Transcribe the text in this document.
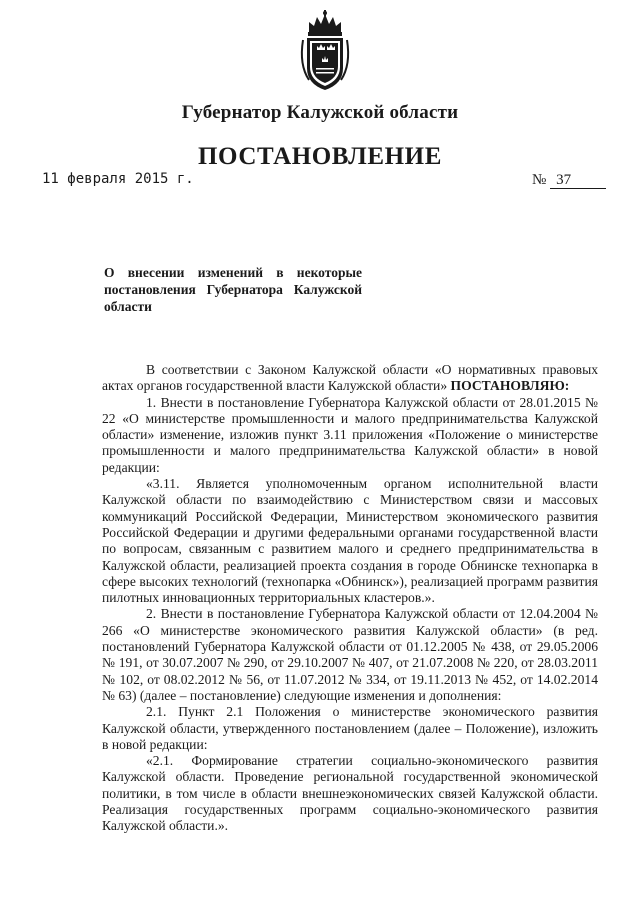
Губернатор Калужской области
ПОСТАНОВЛЕНИЕ
11 февраля 2015 г.	№ 37
О внесении изменений в некоторые постановления Губернатора Калужской области

В соответствии с Законом Калужской области «О нормативных правовых актах органов государственной власти Калужской области» ПОСТАНОВЛЯЮ:

1. Внести в постановление Губернатора Калужской области от 28.01.2015 № 22 «О министерстве промышленности и малого предпринимательства Калужской области» изменение, изложив пункт 3.11 приложения «Положение о министерстве промышленности и малого предпринимательства Калужской области» в новой редакции:

«3.11. Является уполномоченным органом исполнительной власти Калужской области по взаимодействию с Министерством связи и массовых коммуникаций Российской Федерации, Министерством экономического развития Российской Федерации и другими федеральными органами государственной власти по вопросам, связанным с развитием малого и среднего предпринимательства в Калужской области, реализацией проекта создания в городе Обнинске технопарка в сфере высоких технологий (технопарка «Обнинск»), реализацией программ развития пилотных инновационных территориальных кластеров.».

2. Внести в постановление Губернатора Калужской области от 12.04.2004 № 266 «О министерстве экономического развития Калужской области» (в ред. постановлений Губернатора Калужской области от 01.12.2005 № 438, от 29.05.2006 № 191, от 30.07.2007 № 290, от 29.10.2007 № 407, от 21.07.2008 № 220, от 28.03.2011 № 102, от 08.02.2012 № 56, от 11.07.2012 № 334, от 19.11.2013 № 452, от 14.02.2014 № 63) (далее – постановление) следующие изменения и дополнения:

2.1. Пункт 2.1 Положения о министерстве экономического развития Калужской области, утвержденного постановлением (далее – Положение), изложить в новой редакции:

«2.1. Формирование стратегии социально-экономического развития Калужской области. Проведение региональной государственной экономической политики, в том числе в области внешнеэкономических связей Калужской области. Реализация государственных программ социально-экономического развития Калужской области.».
